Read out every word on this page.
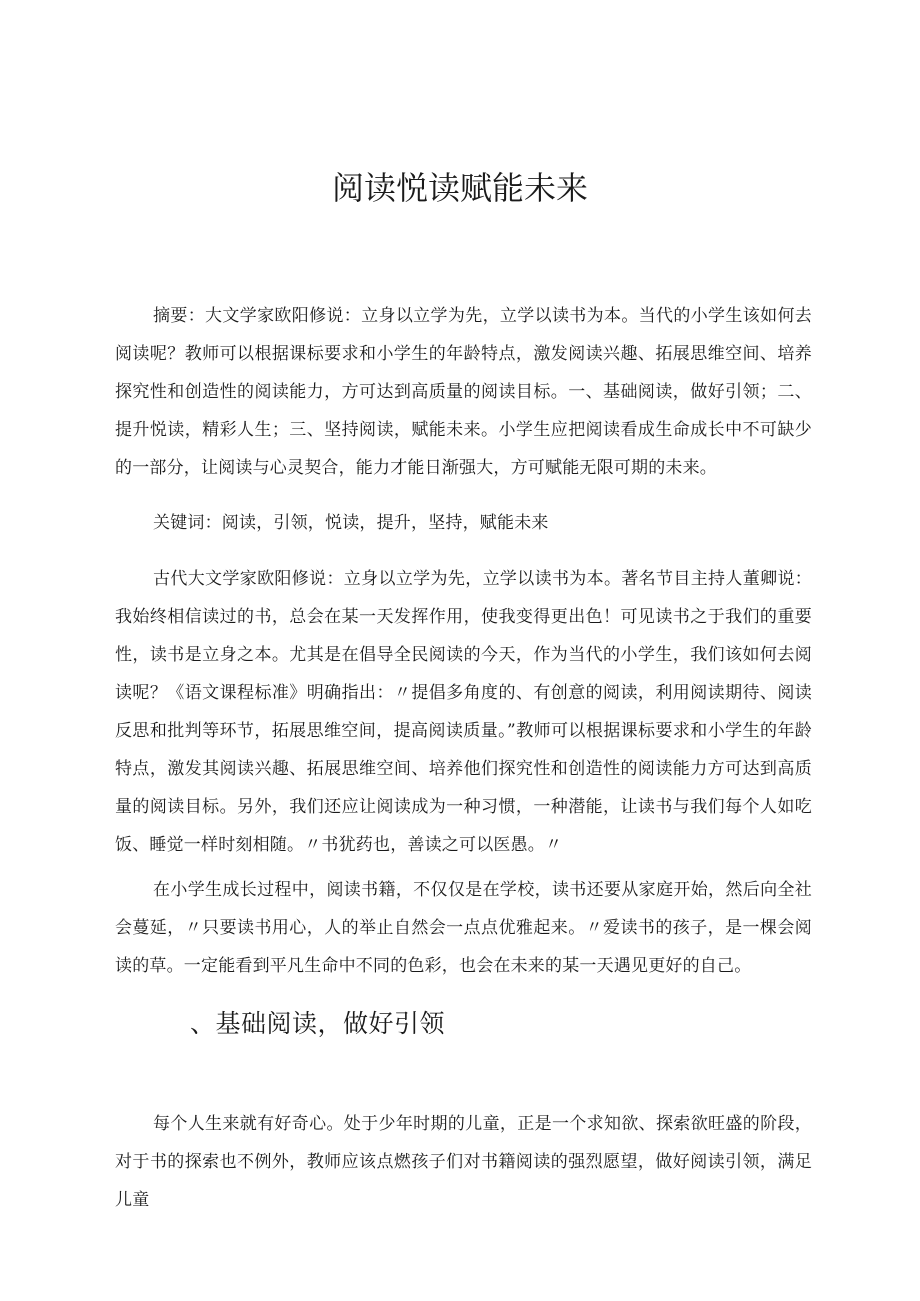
阅读悦读赋能未来

摘要：大文学家欧阳修说：立身以立学为先，立学以读书为本。当代的小学生该如何去阅读呢？教师可以根据课标要求和小学生的年龄特点，激发阅读兴趣、拓展思维空间、培养探究性和创造性的阅读能力，方可达到高质量的阅读目标。一、基础阅读，做好引领；二、提升悦读，精彩人生；三、坚持阅读，赋能未来。小学生应把阅读看成生命成长中不可缺少的一部分，让阅读与心灵契合，能力才能日渐强大，方可赋能无限可期的未来。

关键词：阅读，引领，悦读，提升，坚持，赋能未来

古代大文学家欧阳修说：立身以立学为先，立学以读书为本。著名节目主持人董卿说：我始终相信读过的书，总会在某一天发挥作用，使我变得更出色！可见读书之于我们的重要性，读书是立身之本。尤其是在倡导全民阅读的今天，作为当代的小学生，我们该如何去阅读呢？《语文课程标准》明确指出：〃提倡多角度的、有创意的阅读，利用阅读期待、阅读反思和批判等环节，拓展思维空间，提高阅读质量。”教师可以根据课标要求和小学生的年龄特点，激发其阅读兴趣、拓展思维空间、培养他们探究性和创造性的阅读能力方可达到高质量的阅读目标。另外，我们还应让阅读成为一种习惯，一种潜能，让读书与我们每个人如吃饭、睡觉一样时刻相随。〃书犹药也，善读之可以医愚。〃

在小学生成长过程中，阅读书籍，不仅仅是在学校，读书还要从家庭开始，然后向全社会蔓延，〃只要读书用心，人的举止自然会一点点优雅起来。〃爱读书的孩子，是一棵会阅读的草。一定能看到平凡生命中不同的色彩，也会在未来的某一天遇见更好的自己。

、基础阅读，做好引领

每个人生来就有好奇心。处于少年时期的儿童，正是一个求知欲、探索欲旺盛的阶段，对于书的探索也不例外，教师应该点燃孩子们对书籍阅读的强烈愿望，做好阅读引领，满足儿童
